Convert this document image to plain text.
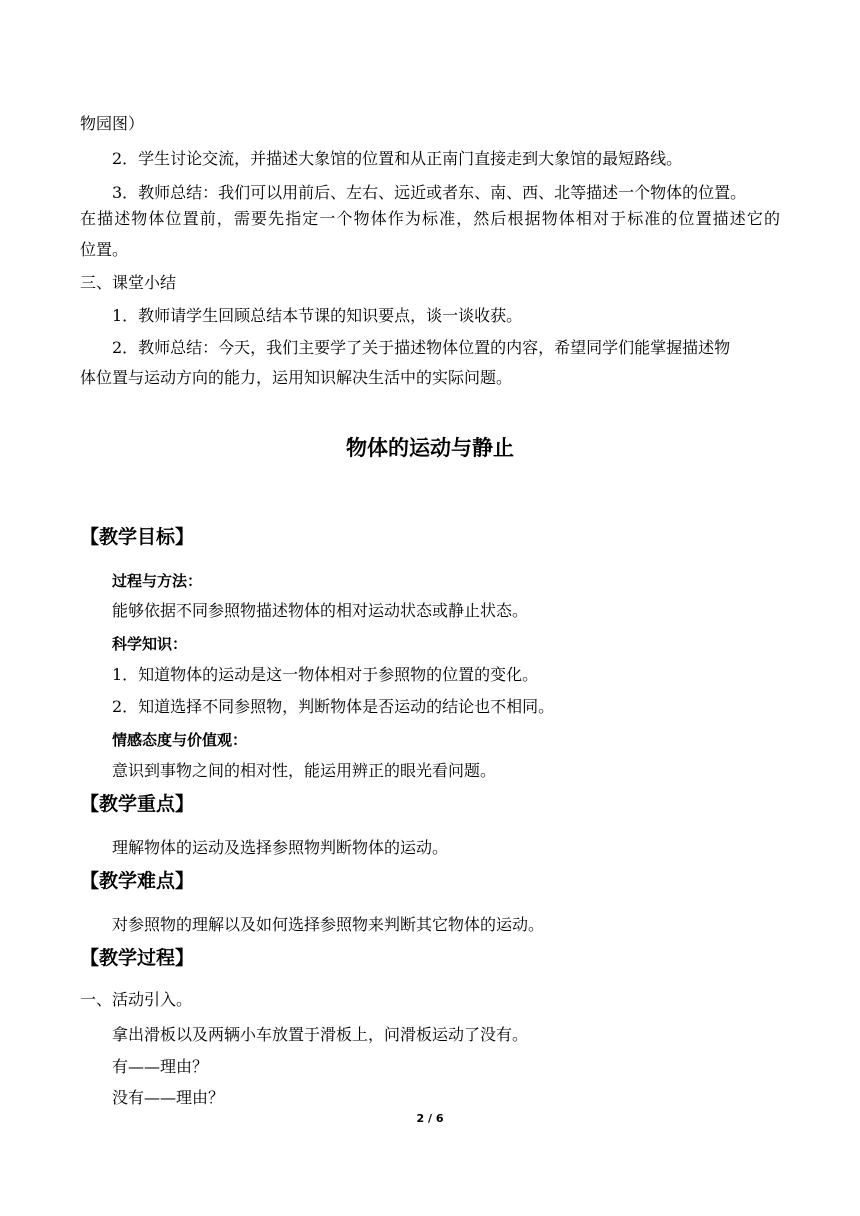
物园图）
2．学生讨论交流，并描述大象馆的位置和从正南门直接走到大象馆的最短路线。
3．教师总结：我们可以用前后、左右、远近或者东、南、西、北等描述一个物体的位置。
在描述物体位置前，需要先指定一个物体作为标准，然后根据物体相对于标准的位置描述它的
位置。
三、课堂小结
1．教师请学生回顾总结本节课的知识要点，谈一谈收获。
2．教师总结：今天，我们主要学了关于描述物体位置的内容，希望同学们能掌握描述物
体位置与运动方向的能力，运用知识解决生活中的实际问题。
物体的运动与静止
【教学目标】
过程与方法：
能够依据不同参照物描述物体的相对运动状态或静止状态。
科学知识：
1．知道物体的运动是这一物体相对于参照物的位置的变化。
2．知道选择不同参照物，判断物体是否运动的结论也不相同。
情感态度与价值观：
意识到事物之间的相对性，能运用辨正的眼光看问题。
【教学重点】
理解物体的运动及选择参照物判断物体的运动。
【教学难点】
对参照物的理解以及如何选择参照物来判断其它物体的运动。
【教学过程】
一、活动引入。
拿出滑板以及两辆小车放置于滑板上，问滑板运动了没有。
有——理由？
没有——理由？
2 / 6
